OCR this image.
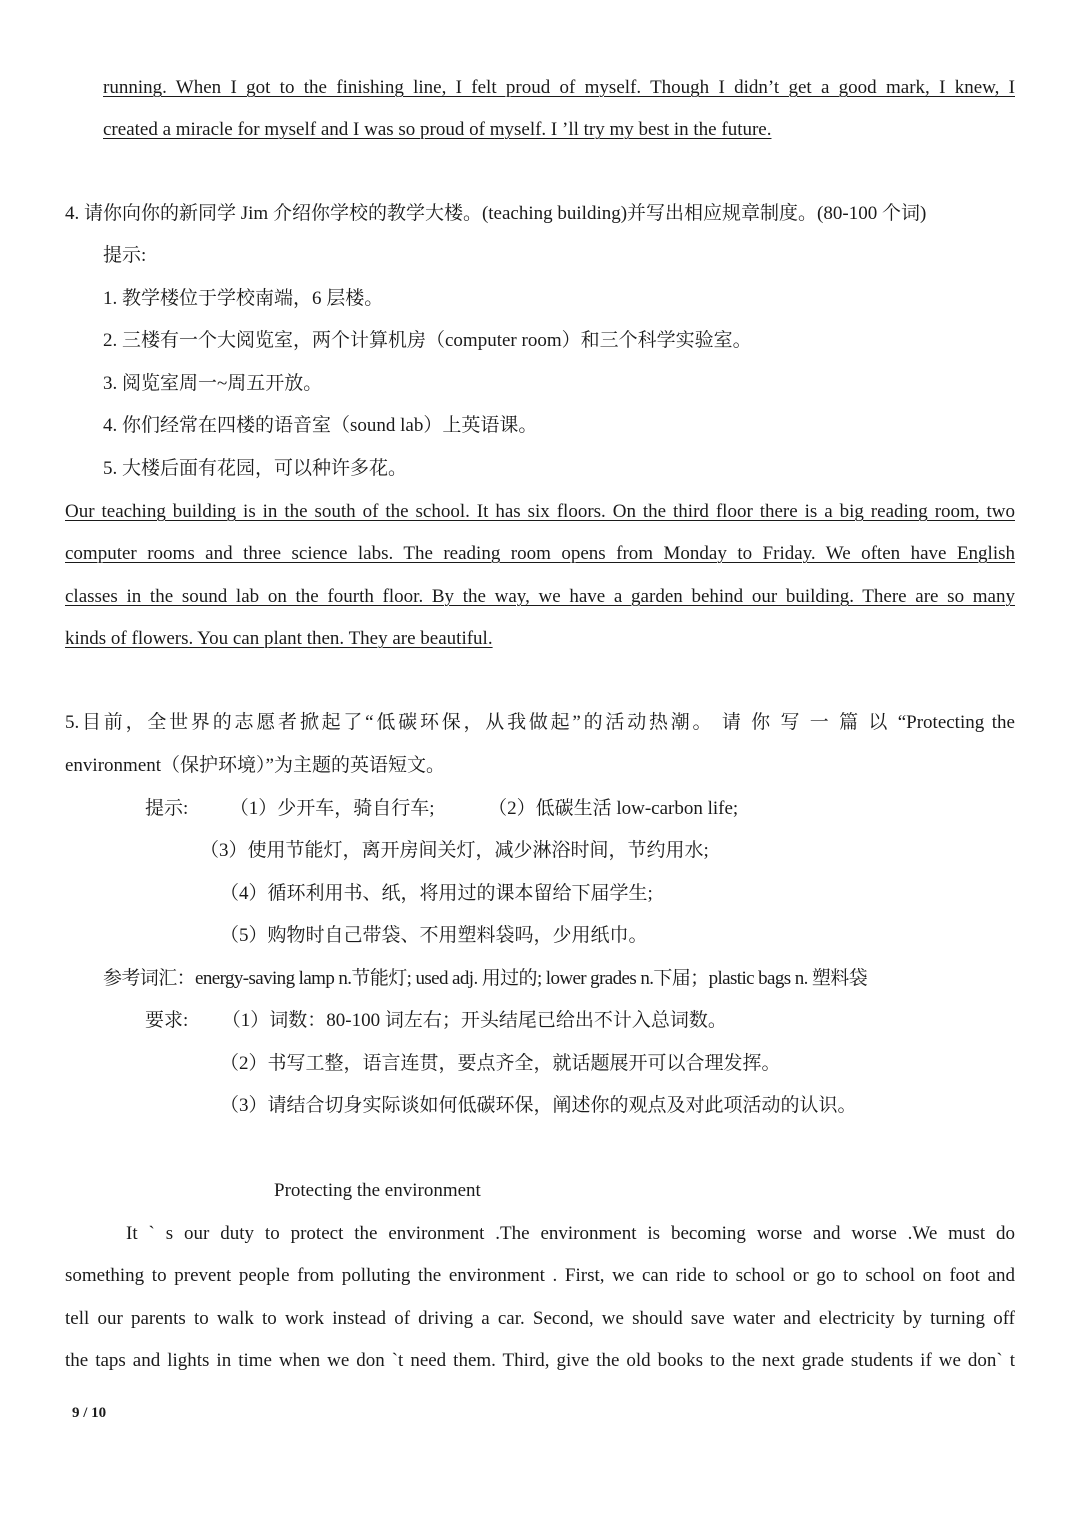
running. When I got to the finishing line, I felt proud of myself. Though I didn’t get a good mark, I knew, I
created a miracle for myself and I was so proud of myself. I ’ll try my best in the future.
4. 请你向你的新同学 Jim 介绍你学校的教学大楼。(teaching building)并写出相应规章制度。(80-100 个词)
提示:
1. 教学楼位于学校南端，6 层楼。
2. 三楼有一个大阅览室，两个计算机房（computer room）和三个科学实验室。
3. 阅览室周一~周五开放。
4. 你们经常在四楼的语音室（sound lab）上英语课。
5. 大楼后面有花园，可以种许多花。
Our teaching building is in the south of the school. It has six floors. On the third floor there is a big reading room, two
computer rooms and three science labs. The reading room opens from Monday to Friday. We often have English
classes in the sound lab on the fourth floor. By the way, we have a garden behind our building. There are so many
kinds of flowers. You can plant then. They are beautiful.
5.目前，全世界的志愿者掀起了“低碳环保，从我做起”的活动热潮。 请 你 写 一 篇 以 “Protecting the
environment（保护环境）”为主题的英语短文。
提示: （1）少开车，骑自行车;	（2）低碳生活 low-carbon life;
（3）使用节能灯，离开房间关灯，减少淋浴时间，节约用水;
（4）循环利用书、纸，将用过的课本留给下届学生;
（5）购物时自己带袋、不用塑料袋吗，少用纸巾。
参考词汇：energy-saving lamp n.节能灯; used adj. 用过的; lower grades n.下届；plastic bags n. 塑料袋
要求: （1）词数：80-100 词左右；开头结尾已给出不计入总词数。
（2）书写工整，语言连贯，要点齐全，就话题展开可以合理发挥。
（3）请结合切身实际谈如何低碳环保，阐述你的观点及对此项活动的认识。
Protecting the environment
It ` s our duty to protect the environment .The environment is becoming worse and worse .We must do
something to prevent people from polluting the environment . First, we can ride to school or go to school on foot and
tell our parents to walk to work instead of driving a car. Second, we should save water and electricity by turning off
the taps and lights in time when we don `t need them. Third, give the old books to the next grade students if we don` t
9 / 10
